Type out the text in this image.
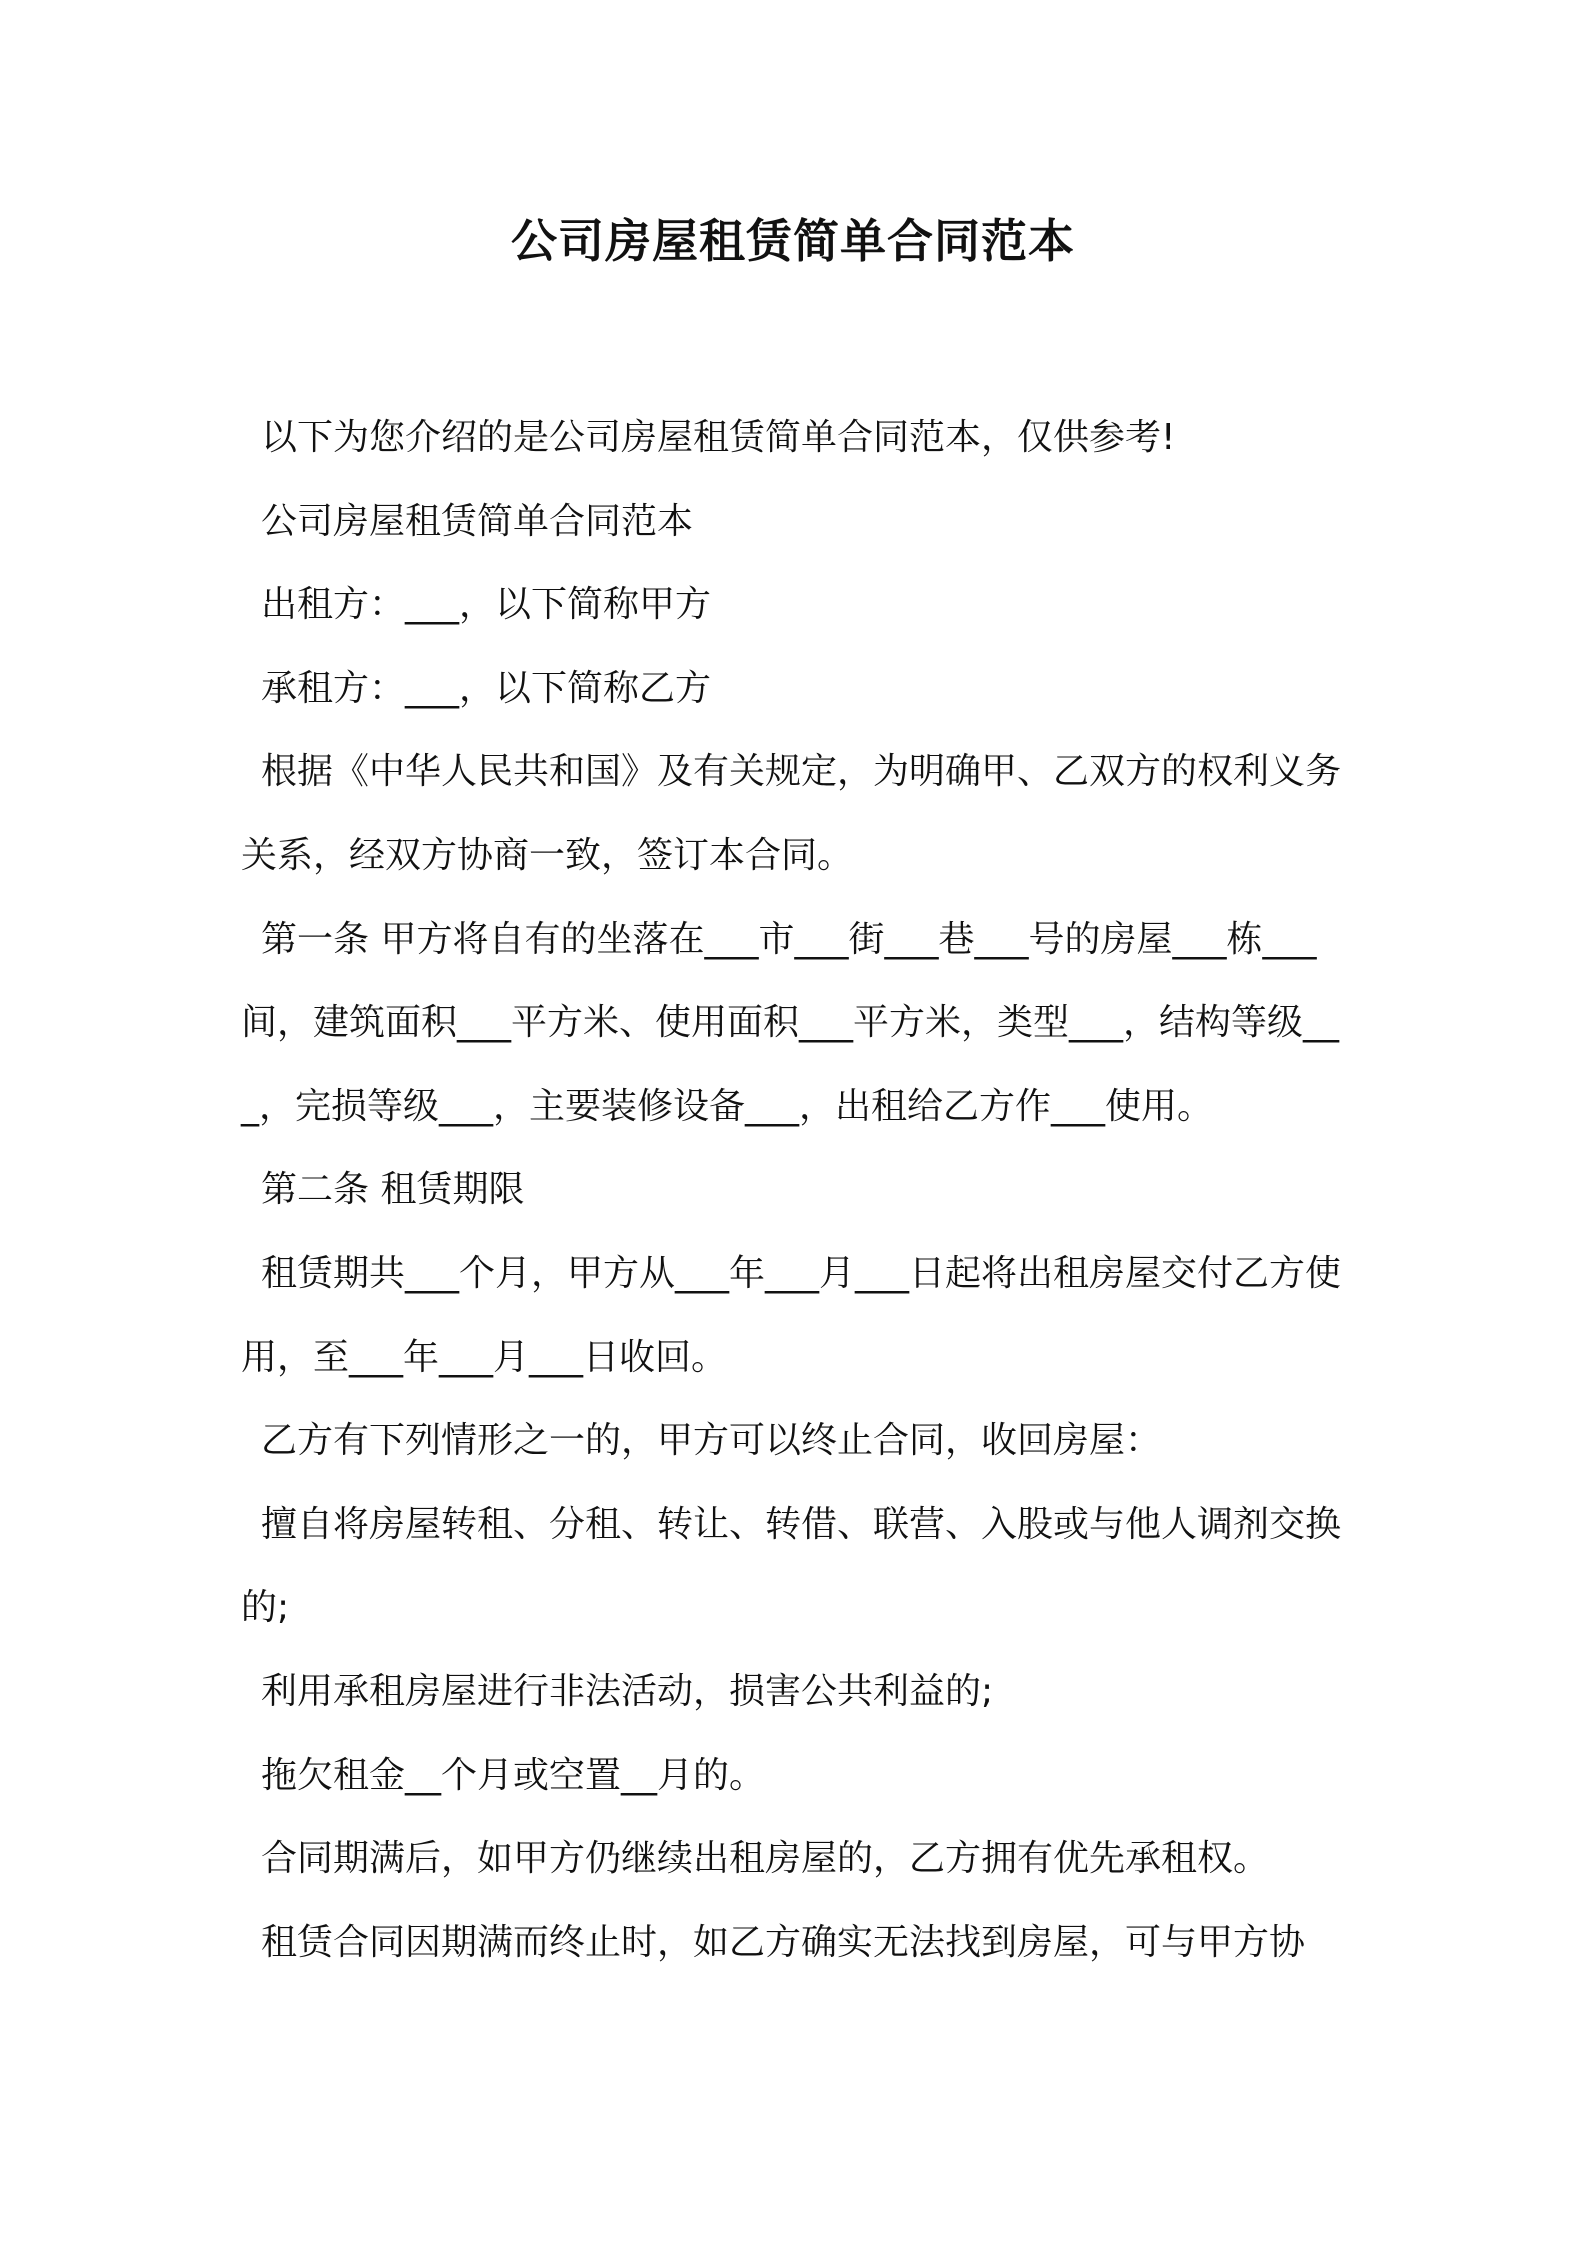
公司房屋租赁简单合同范本

以下为您介绍的是公司房屋租赁简单合同范本，仅供参考!

公司房屋租赁简单合同范本

出租方：___，以下简称甲方

承租方：___，以下简称乙方

根据《中华人民共和国》及有关规定，为明确甲、乙双方的权利义务关系，经双方协商一致，签订本合同。

第一条 甲方将自有的坐落在___市___街___巷___号的房屋___栋___间，建筑面积___平方米、使用面积___平方米，类型___，结构等级___，完损等级___，主要装修设备___，出租给乙方作___使用。

第二条 租赁期限

租赁期共___个月，甲方从___年___月___日起将出租房屋交付乙方使用，至___年___月___日收回。

乙方有下列情形之一的，甲方可以终止合同，收回房屋：

擅自将房屋转租、分租、转让、转借、联营、入股或与他人调剂交换的;

利用承租房屋进行非法活动，损害公共利益的;

拖欠租金__个月或空置__月的。

合同期满后，如甲方仍继续出租房屋的，乙方拥有优先承租权。

租赁合同因期满而终止时，如乙方确实无法找到房屋，可与甲方协
